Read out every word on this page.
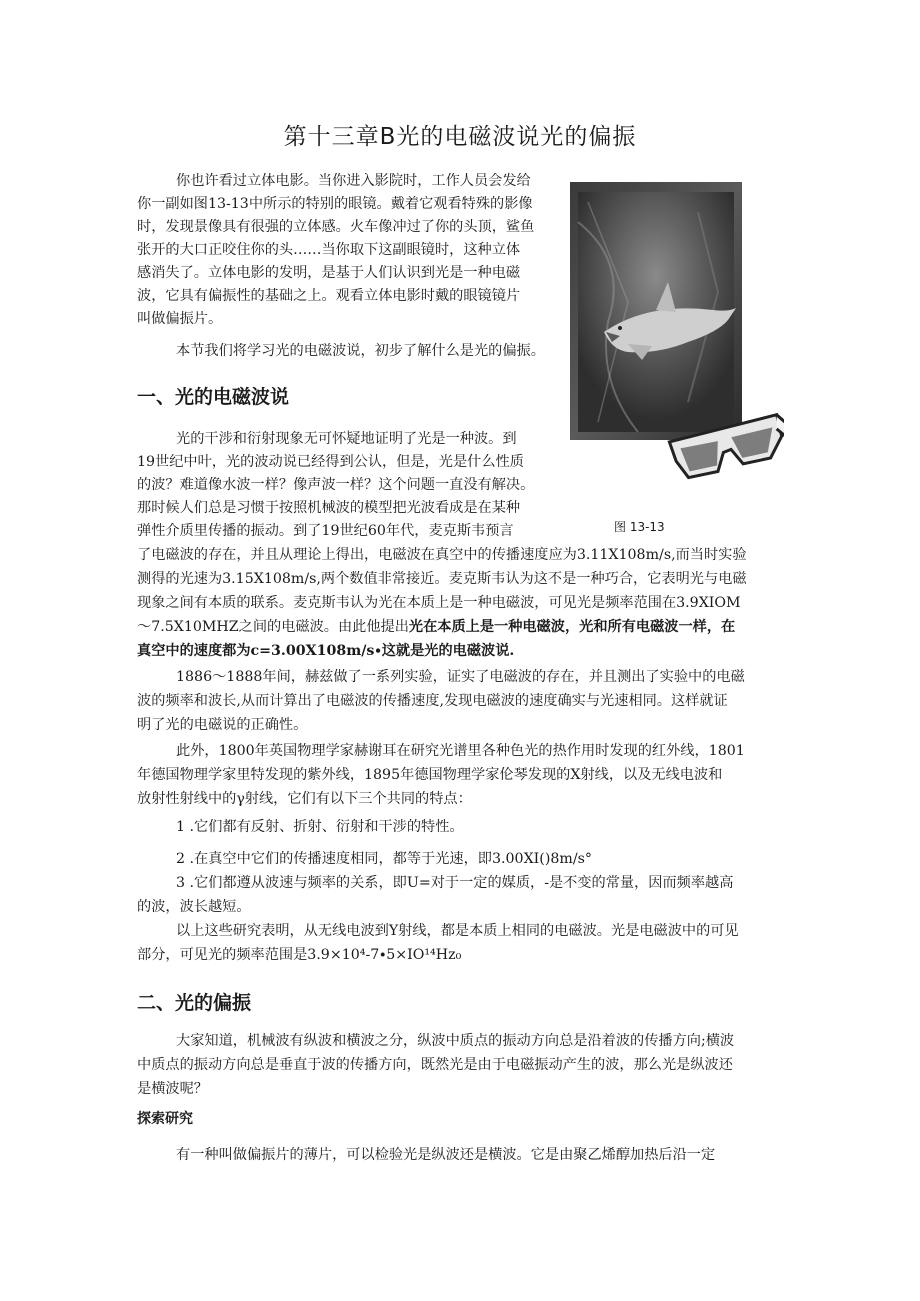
第十三章B光的电磁波说光的偏振

你也许看过立体电影。当你进入影院时，工作人员会发给

你一副如图13-13中所示的特别的眼镜。戴着它观看特殊的影像

时，发现景像具有很强的立体感。火车像冲过了你的头顶，鲨鱼

张开的大口正咬住你的头……当你取下这副眼镜时，这种立体

感消失了。立体电影的发明，是基于人们认识到光是一种电磁

波，它具有偏振性的基础之上。观看立体电影时戴的眼镜镜片

叫做偏振片。

本节我们将学习光的电磁波说，初步了解什么是光的偏振。

图 13-13
一、光的电磁波说

光的干涉和衍射现象无可怀疑地证明了光是一种波。到

19世纪中叶，光的波动说已经得到公认，但是，光是什么性质

的波？难道像水波一样？像声波一样？这个问题一直没有解决。

那时候人们总是习惯于按照机械波的模型把光波看成是在某种

弹性介质里传播的振动。到了19世纪60年代，麦克斯韦预言

了电磁波的存在，并且从理论上得出，电磁波在真空中的传播速度应为3.11X108m∕s,而当时实验

测得的光速为3.15X108m∕s,两个数值非常接近。麦克斯韦认为这不是一种巧合，它表明光与电磁

现象之间有本质的联系。麦克斯韦认为光在本质上是一种电磁波，可见光是频率范围在3.9XIOM

～7.5X10MHZ之间的电磁波。由此他提出光在本质上是一种电磁波，光和所有电磁波一样，在

真空中的速度都为c=3.00X108m∕s∙这就是光的电磁波说.

1886～1888年间，赫兹做了一系列实验，证实了电磁波的存在，并且测出了实验中的电磁

波的频率和波长,从而计算出了电磁波的传播速度,发现电磁波的速度确实与光速相同。这样就证

明了光的电磁说的正确性。

此外，1800年英国物理学家赫谢耳在研究光谱里各种色光的热作用时发现的红外线，1801

年德国物理学家里特发现的紫外线，1895年德国物理学家伦琴发现的X射线，以及无线电波和

放射性射线中的γ射线，它们有以下三个共同的特点：

1 .它们都有反射、折射、衍射和干涉的特性。

2 .在真空中它们的传播速度相同，都等于光速，即3.00XI()8m∕s°

3 .它们都遵从波速与频率的关系，即U=对于一定的媒质，-是不变的常量，因而频率越高

的波，波长越短。

以上这些研究表明，从无线电波到Y射线，都是本质上相同的电磁波。光是电磁波中的可见

部分，可见光的频率范围是3.9×10⁴-7∙5×IO¹⁴Hz₀

二、光的偏振

大家知道，机械波有纵波和横波之分，纵波中质点的振动方向总是沿着波的传播方向;横波

中质点的振动方向总是垂直于波的传播方向，既然光是由于电磁振动产生的波，那么光是纵波还

是横波呢？

探索研究

有一种叫做偏振片的薄片，可以检验光是纵波还是横波。它是由聚乙烯醇加热后沿一定
